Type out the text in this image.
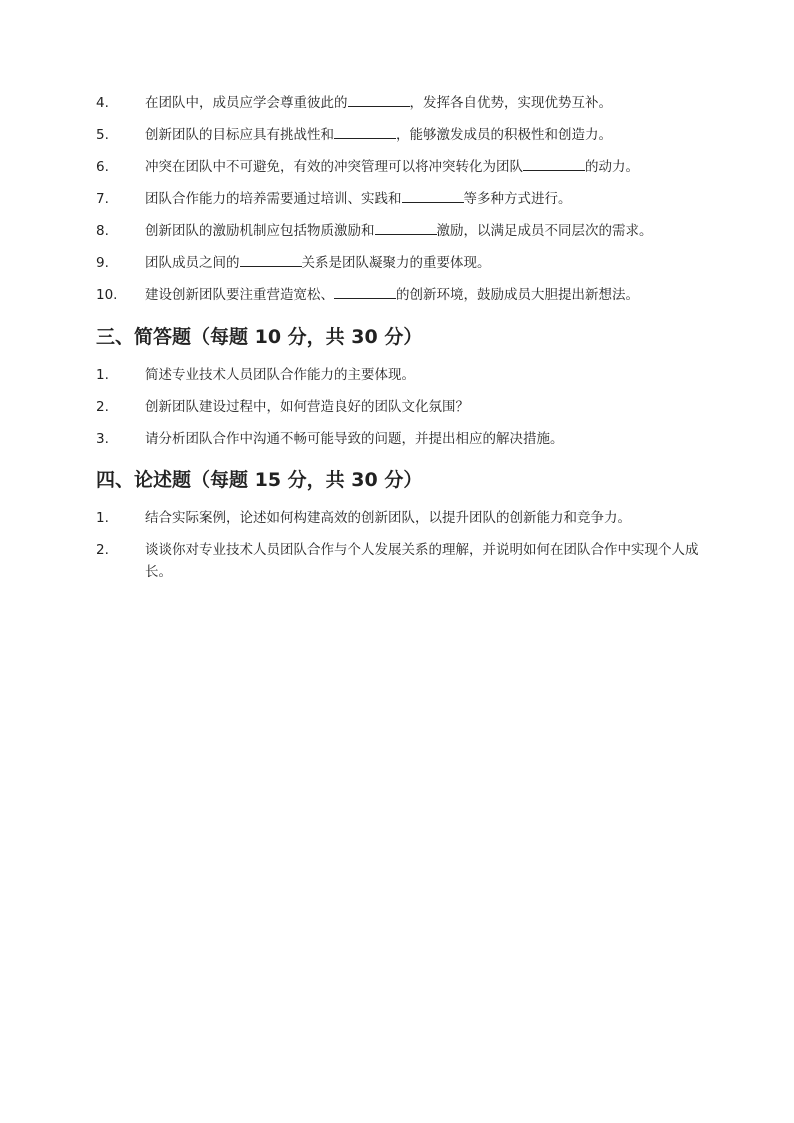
4.	在团队中，成员应学会尊重彼此的	，发挥各自优势，实现优势互补。
5.	创新团队的目标应具有挑战性和	，能够激发成员的积极性和创造力。
6.	冲突在团队中不可避免，有效的冲突管理可以将冲突转化为团队	的动力。
7.	团队合作能力的培养需要通过培训、实践和	等多种方式进行。
8.	创新团队的激励机制应包括物质激励和	激励，以满足成员不同层次的需求。
9.	团队成员之间的	关系是团队凝聚力的重要体现。
10.	建设创新团队要注重营造宽松、	的创新环境，鼓励成员大胆提出新想法。
三、简答题（每题 10 分，共 30 分）
1.	简述专业技术人员团队合作能力的主要体现。
2.	创新团队建设过程中，如何营造良好的团队文化氛围？
3.	请分析团队合作中沟通不畅可能导致的问题，并提出相应的解决措施。
四、论述题（每题 15 分，共 30 分）
1.	结合实际案例，论述如何构建高效的创新团队，以提升团队的创新能力和竞争力。
2.	谈谈你对专业技术人员团队合作与个人发展关系的理解，并说明如何在团队合作中实现个人成长。
